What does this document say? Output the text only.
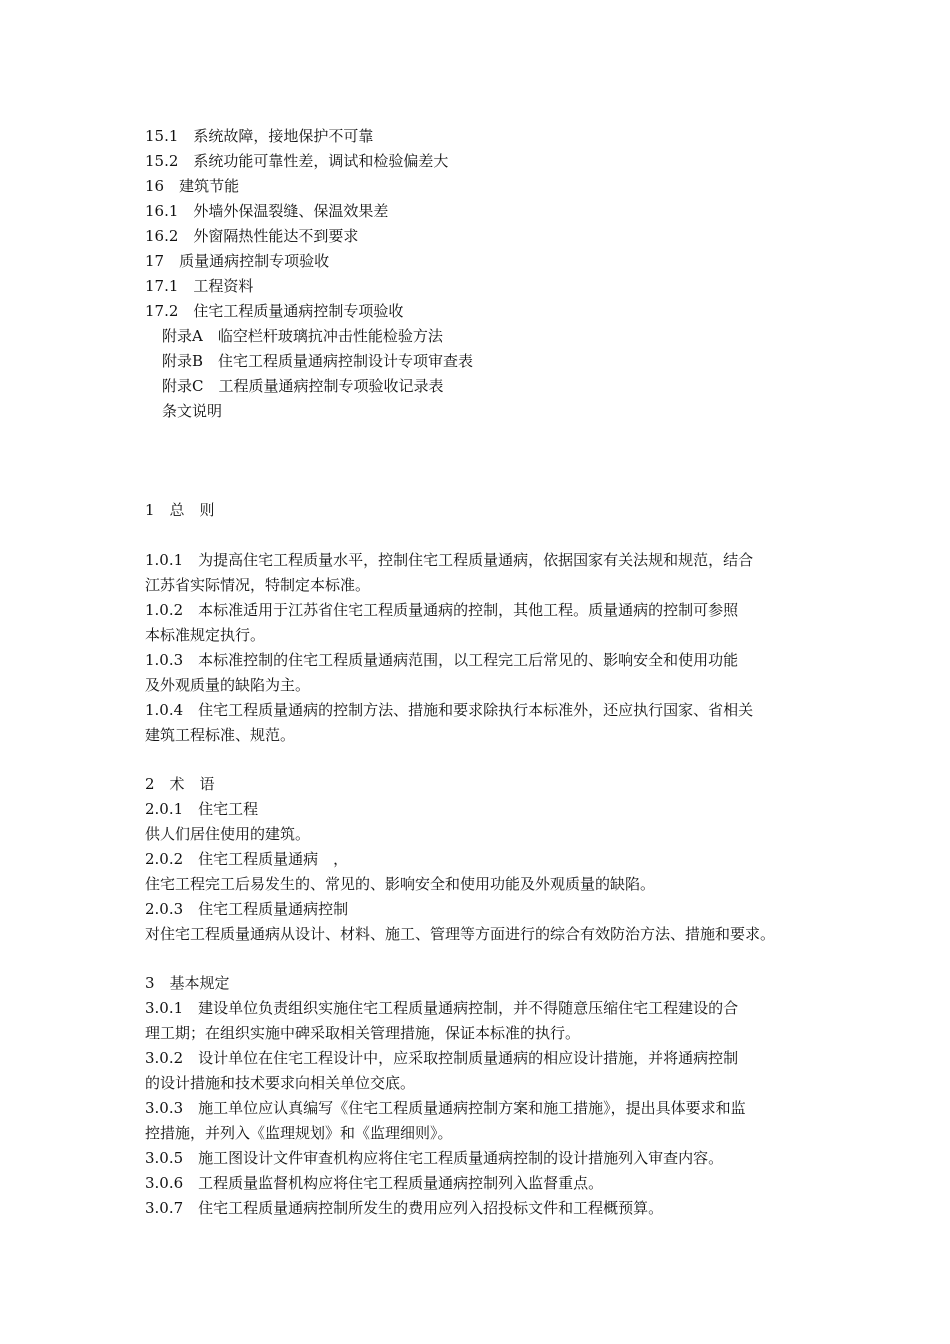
15.1　系统故障，接地保护不可靠
15.2　系统功能可靠性差，调试和检验偏差大
16　建筑节能
16.1　外墙外保温裂缝、保温效果差
16.2　外窗隔热性能达不到要求
17　质量通病控制专项验收
17.1　工程资料
17.2　住宅工程质量通病控制专项验收
附录A　临空栏杆玻璃抗冲击性能检验方法
附录B　住宅工程质量通病控制设计专项审查表
附录C　工程质量通病控制专项验收记录表
条文说明
1　总　则
1.0.1　为提高住宅工程质量水平，控制住宅工程质量通病，依据国家有关法规和规范，结合
江苏省实际情况，特制定本标准。
1.0.2　本标准适用于江苏省住宅工程质量通病的控制，其他工程。质量通病的控制可参照
本标准规定执行。
1.0.3　本标准控制的住宅工程质量通病范围，以工程完工后常见的、影响安全和使用功能
及外观质量的缺陷为主。
1.0.4　住宅工程质量通病的控制方法、措施和要求除执行本标准外，还应执行国家、省相关
建筑工程标准、规范。
2　术　语
2.0.1　住宅工程
供人们居住使用的建筑。
2.0.2　住宅工程质量通病　，
住宅工程完工后易发生的、常见的、影响安全和使用功能及外观质量的缺陷。
2.0.3　住宅工程质量通病控制
对住宅工程质量通病从设计、材料、施工、管理等方面进行的综合有效防治方法、措施和要求。
3　基本规定
3.0.1　建设单位负责组织实施住宅工程质量通病控制，并不得随意压缩住宅工程建设的合
理工期；在组织实施中碑采取相关管理措施，保证本标准的执行。
3.0.2　设计单位在住宅工程设计中，应采取控制质量通病的相应设计措施，并将通病控制
的设计措施和技术要求向相关单位交底。
3.0.3　施工单位应认真编写《住宅工程质量通病控制方案和施工措施》，提出具体要求和监
控措施，并列入《监理规划》和《监理细则》。
3.0.5　施工图设计文件审查机构应将住宅工程质量通病控制的设计措施列入审查内容。
3.0.6　工程质量监督机构应将住宅工程质量通病控制列入监督重点。
3.0.7　住宅工程质量通病控制所发生的费用应列入招投标文件和工程概预算。
